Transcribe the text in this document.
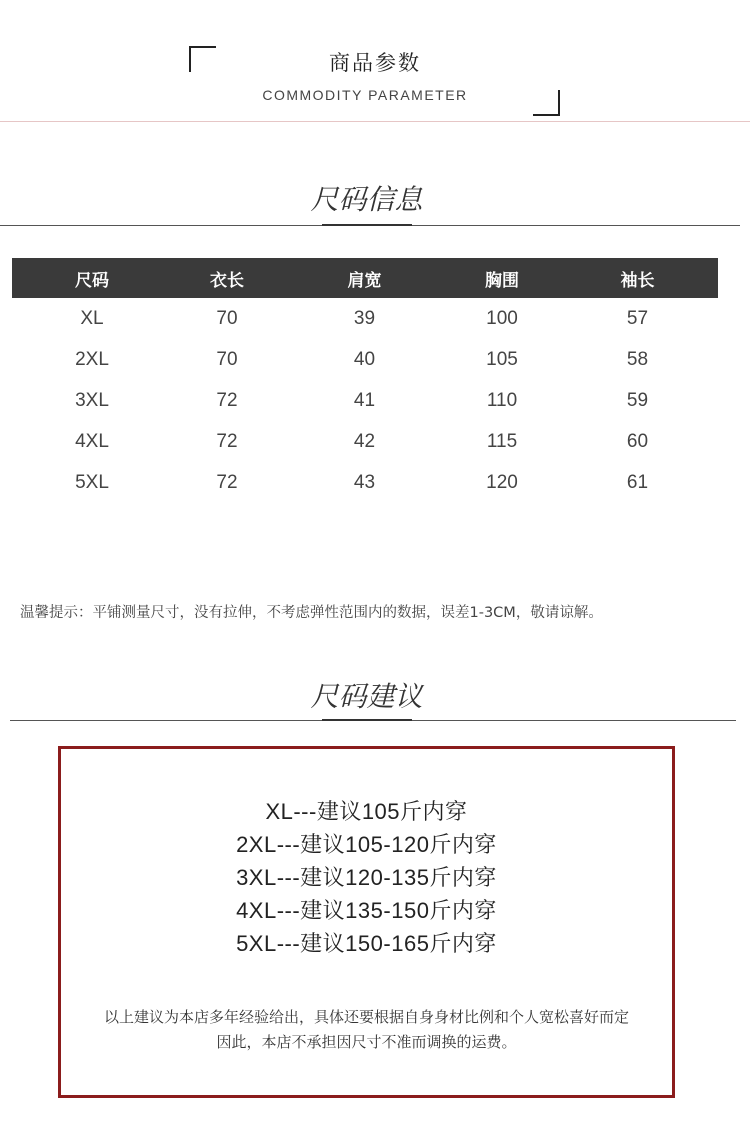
商品参数
COMMODITY PARAMETER
尺码信息
尺码	衣长	肩宽	胸围	袖长
XL	70	39	100	57
2XL	70	40	105	58
3XL	72	41	110	59
4XL	72	42	115	60
5XL	72	43	120	61
温馨提示：平铺测量尺寸，没有拉伸，不考虑弹性范围内的数据，误差1-3CM，敬请谅解。
尺码建议
XL---建议105斤内穿
2XL---建议105-120斤内穿
3XL---建议120-135斤内穿
4XL---建议135-150斤内穿
5XL---建议150-165斤内穿
以上建议为本店多年经验给出，具体还要根据自身身材比例和个人宽松喜好而定
因此，本店不承担因尺寸不准而调换的运费。
